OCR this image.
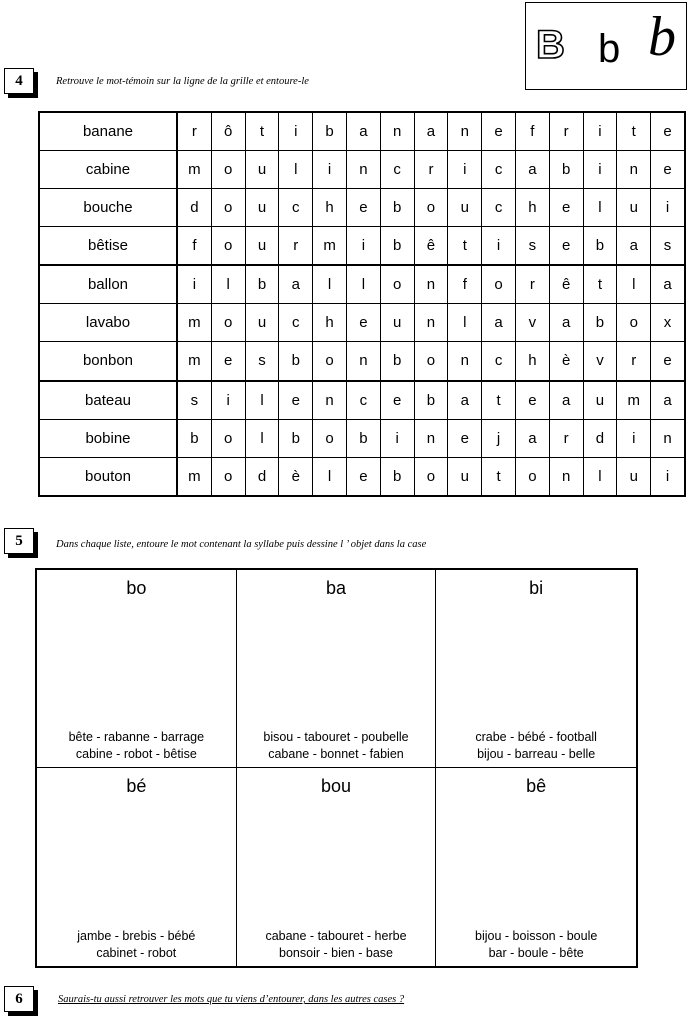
B b b
4	Retrouve le mot-témoin sur la ligne de la grille et entoure-le
banane	r	ô	t	i	b	a	n	a	n	e	f	r	i	t	e
cabine	m	o	u	l	i	n	c	r	i	c	a	b	i	n	e
bouche	d	o	u	c	h	e	b	o	u	c	h	e	l	u	i
bêtise	f	o	u	r	m	i	b	ê	t	i	s	e	b	a	s
ballon	i	l	b	a	l	l	o	n	f	o	r	ê	t	l	a
lavabo	m	o	u	c	h	e	u	n	l	a	v	a	b	o	x
bonbon	m	e	s	b	o	n	b	o	n	c	h	è	v	r	e
bateau	s	i	l	e	n	c	e	b	a	t	e	a	u	m	a
bobine	b	o	l	b	o	b	i	n	e	j	a	r	d	i	n
bouton	m	o	d	è	l	e	b	o	u	t	o	n	l	u	i
5	Dans chaque liste, entoure le mot contenant la syllabe puis dessine l ’ objet dans la case
bo
bête - rabanne - barrage
cabine - robot - bêtise
ba
bisou - tabouret - poubelle
cabane - bonnet - fabien
bi
crabe - bébé - football
bijou - barreau - belle
bé
jambe - brebis - bébé
cabinet - robot
bou
cabane - tabouret - herbe
bonsoir - bien - base
bê
bijou - boisson - boule
bar - boule - bête
6	Saurais-tu aussi retrouver les mots que tu viens d’entourer, dans les autres cases ?
